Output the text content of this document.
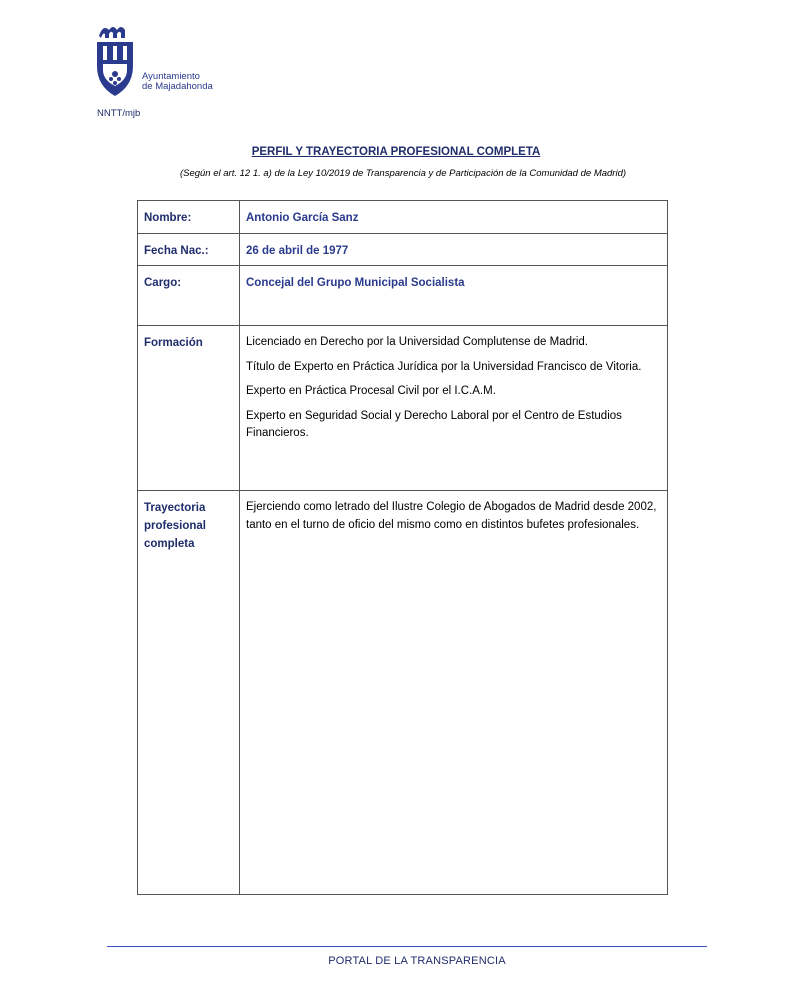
Ayuntamiento
de Majadahonda
NNTT/mjb
PERFIL Y TRAYECTORIA PROFESIONAL COMPLETA
(Según el art. 12 1. a) de la Ley 10/2019 de Transparencia y de Participación de la Comunidad de Madrid)
Nombre:	Antonio García Sanz
Fecha Nac.:	26 de abril de 1977
Cargo:	Concejal del Grupo Municipal Socialista
Formación	Licenciado en Derecho por la Universidad Complutense de Madrid.

Título de Experto en Práctica Jurídica por la Universidad Francisco de Vitoria.

Experto en Práctica Procesal Civil por el I.C.A.M.

Experto en Seguridad Social y Derecho Laboral por el Centro de Estudios Financieros.

Trayectoria
profesional
completa	Ejerciendo como letrado del Ilustre Colegio de Abogados de Madrid desde 2002, tanto en el turno de oficio del mismo como en distintos bufetes profesionales.

PORTAL DE LA TRANSPARENCIA
